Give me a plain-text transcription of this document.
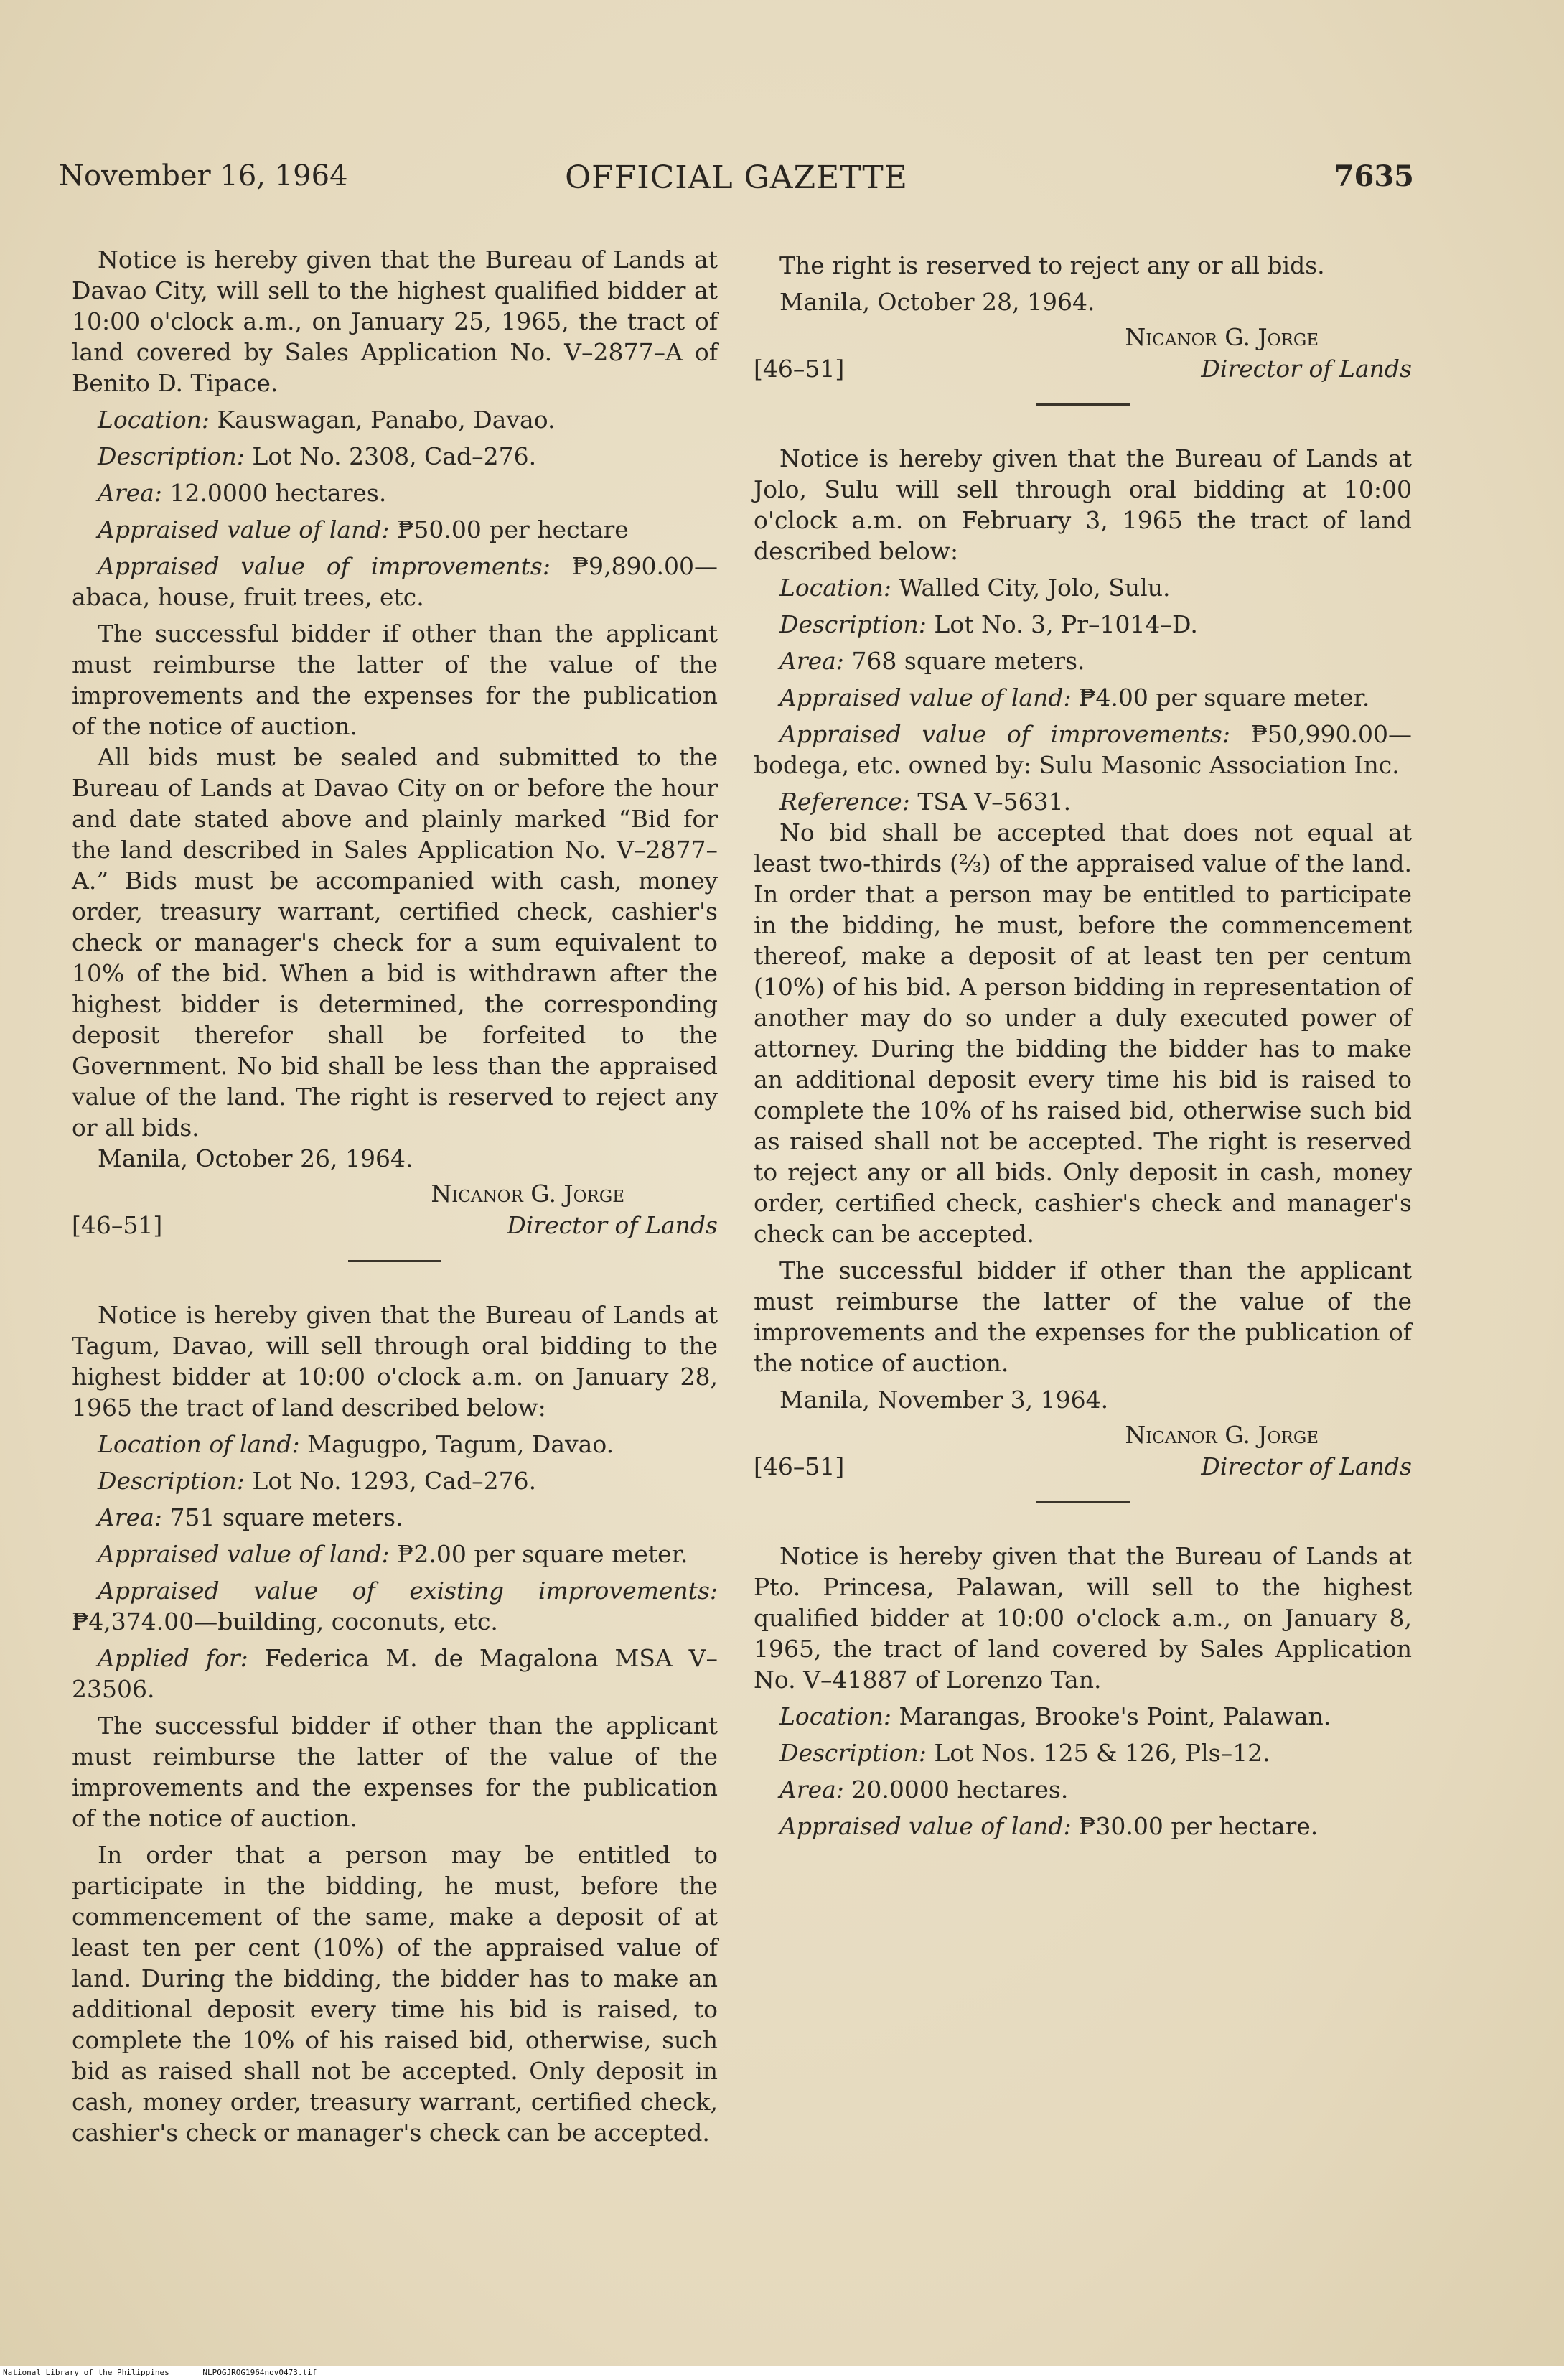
November 16, 1964	OFFICIAL GAZETTE	7635

Notice is hereby given that the Bureau of Lands at Davao City, will sell to the highest qualified bidder at 10:00 o'clock a.m., on January 25, 1965, the tract of land covered by Sales Application No. V–2877–A of Benito D. Tipace.

Location: Kauswagan, Panabo, Davao.

Description: Lot No. 2308, Cad–276.

Area: 12.0000 hectares.

Appraised value of land: ₱50.00 per hectare

Appraised value of improvements: ₱9,890.00—abaca, house, fruit trees, etc.

The successful bidder if other than the applicant must reimburse the latter of the value of the improvements and the expenses for the publication of the notice of auction.

All bids must be sealed and submitted to the Bureau of Lands at Davao City on or before the hour and date stated above and plainly marked “Bid for the land described in Sales Application No. V–2877–A.” Bids must be accompanied with cash, money order, treasury warrant, certified check, cashier's check or manager's check for a sum equivalent to 10% of the bid. When a bid is withdrawn after the highest bidder is determined, the corresponding deposit therefor shall be forfeited to the Government. No bid shall be less than the appraised value of the land. The right is reserved to reject any or all bids.

Manila, October 26, 1964.

Nicanor G. Jorge
[46–51]	Director of Lands

Notice is hereby given that the Bureau of Lands at Tagum, Davao, will sell through oral bidding to the highest bidder at 10:00 o'clock a.m. on January 28, 1965 the tract of land described below:

Location of land: Magugpo, Tagum, Davao.

Description: Lot No. 1293, Cad–276.

Area: 751 square meters.

Appraised value of land: ₱2.00 per square meter.

Appraised value of existing improvements: ₱4,374.00—building, coconuts, etc.

Applied for: Federica M. de Magalona MSA V–23506.

The successful bidder if other than the applicant must reimburse the latter of the value of the improvements and the expenses for the publication of the notice of auction.

In order that a person may be entitled to participate in the bidding, he must, before the commencement of the same, make a deposit of at least ten per cent (10%) of the appraised value of land. During the bidding, the bidder has to make an additional deposit every time his bid is raised, to complete the 10% of his raised bid, otherwise, such bid as raised shall not be accepted. Only deposit in cash, money order, treasury warrant, certified check, cashier's check or manager's check can be accepted.

The right is reserved to reject any or all bids.

Manila, October 28, 1964.

Nicanor G. Jorge
[46–51]	Director of Lands

Notice is hereby given that the Bureau of Lands at Jolo, Sulu will sell through oral bidding at 10:00 o'clock a.m. on February 3, 1965 the tract of land described below:

Location: Walled City, Jolo, Sulu.

Description: Lot No. 3, Pr–1014–D.

Area: 768 square meters.

Appraised value of land: ₱4.00 per square meter.

Appraised value of improvements: ₱50,990.00—bodega, etc. owned by: Sulu Masonic Association Inc.

Reference: TSA V–5631.

No bid shall be accepted that does not equal at least two-thirds (⅔) of the appraised value of the land. In order that a person may be entitled to participate in the bidding, he must, before the commencement thereof, make a deposit of at least ten per centum (10%) of his bid. A person bidding in representation of another may do so under a duly executed power of attorney. During the bidding the bidder has to make an additional deposit every time his bid is raised to complete the 10% of hs raised bid, otherwise such bid as raised shall not be accepted. The right is reserved to reject any or all bids. Only deposit in cash, money order, certified check, cashier's check and manager's check can be accepted.

The successful bidder if other than the applicant must reimburse the latter of the value of the improvements and the expenses for the publication of the notice of auction.

Manila, November 3, 1964.

Nicanor G. Jorge
[46–51]	Director of Lands

Notice is hereby given that the Bureau of Lands at Pto. Princesa, Palawan, will sell to the highest qualified bidder at 10:00 o'clock a.m., on January 8, 1965, the tract of land covered by Sales Application No. V–41887 of Lorenzo Tan.

Location: Marangas, Brooke's Point, Palawan.

Description: Lot Nos. 125 & 126, Pls–12.

Area: 20.0000 hectares.

Appraised value of land: ₱30.00 per hectare.

National Library of the Philippines	NLPOGJROG1964nov0473.tif
